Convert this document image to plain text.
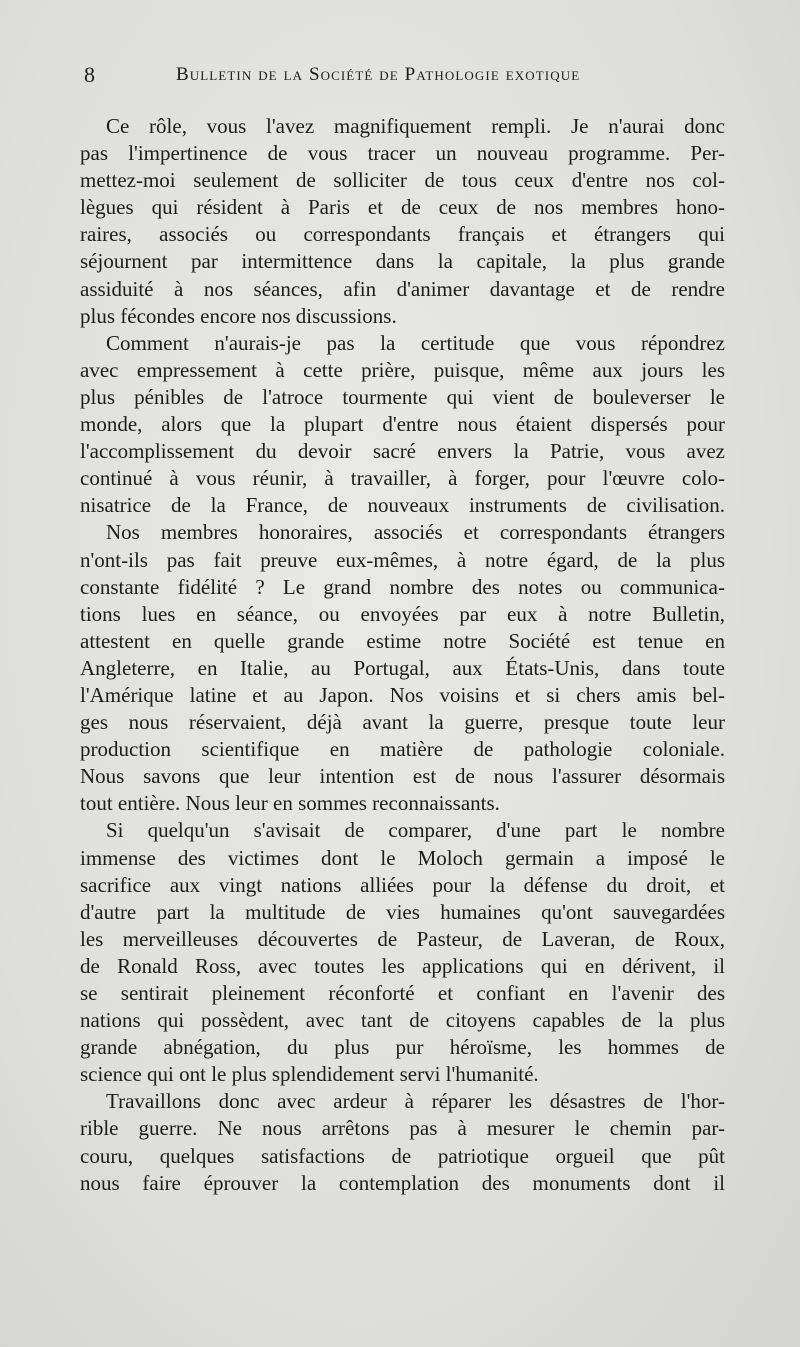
8	Bulletin de la Société de Pathologie exotique
Ce rôle, vous l'avez magnifiquement rempli. Je n'aurai donc
pas l'impertinence de vous tracer un nouveau programme. Per-
mettez-moi seulement de solliciter de tous ceux d'entre nos col-
lègues qui résident à Paris et de ceux de nos membres hono-
raires, associés ou correspondants français et étrangers qui
séjournent par intermittence dans la capitale, la plus grande
assiduité à nos séances, afin d'animer davantage et de rendre
plus fécondes encore nos discussions.
Comment n'aurais-je pas la certitude que vous répondrez
avec empressement à cette prière, puisque, même aux jours les
plus pénibles de l'atroce tourmente qui vient de bouleverser le
monde, alors que la plupart d'entre nous étaient dispersés pour
l'accomplissement du devoir sacré envers la Patrie, vous avez
continué à vous réunir, à travailler, à forger, pour l'œuvre colo-
nisatrice de la France, de nouveaux instruments de civilisation.
Nos membres honoraires, associés et correspondants étrangers
n'ont-ils pas fait preuve eux-mêmes, à notre égard, de la plus
constante fidélité ? Le grand nombre des notes ou communica-
tions lues en séance, ou envoyées par eux à notre Bulletin,
attestent en quelle grande estime notre Société est tenue en
Angleterre, en Italie, au Portugal, aux États-Unis, dans toute
l'Amérique latine et au Japon. Nos voisins et si chers amis bel-
ges nous réservaient, déjà avant la guerre, presque toute leur
production scientifique en matière de pathologie coloniale.
Nous savons que leur intention est de nous l'assurer désormais
tout entière. Nous leur en sommes reconnaissants.
Si quelqu'un s'avisait de comparer, d'une part le nombre
immense des victimes dont le Moloch germain a imposé le
sacrifice aux vingt nations alliées pour la défense du droit, et
d'autre part la multitude de vies humaines qu'ont sauvegardées
les merveilleuses découvertes de Pasteur, de Laveran, de Roux,
de Ronald Ross, avec toutes les applications qui en dérivent, il
se sentirait pleinement réconforté et confiant en l'avenir des
nations qui possèdent, avec tant de citoyens capables de la plus
grande abnégation, du plus pur héroïsme, les hommes de
science qui ont le plus splendidement servi l'humanité.
Travaillons donc avec ardeur à réparer les désastres de l'hor-
rible guerre. Ne nous arrêtons pas à mesurer le chemin par-
couru, quelques satisfactions de patriotique orgueil que pût
nous faire éprouver la contemplation des monuments dont il
